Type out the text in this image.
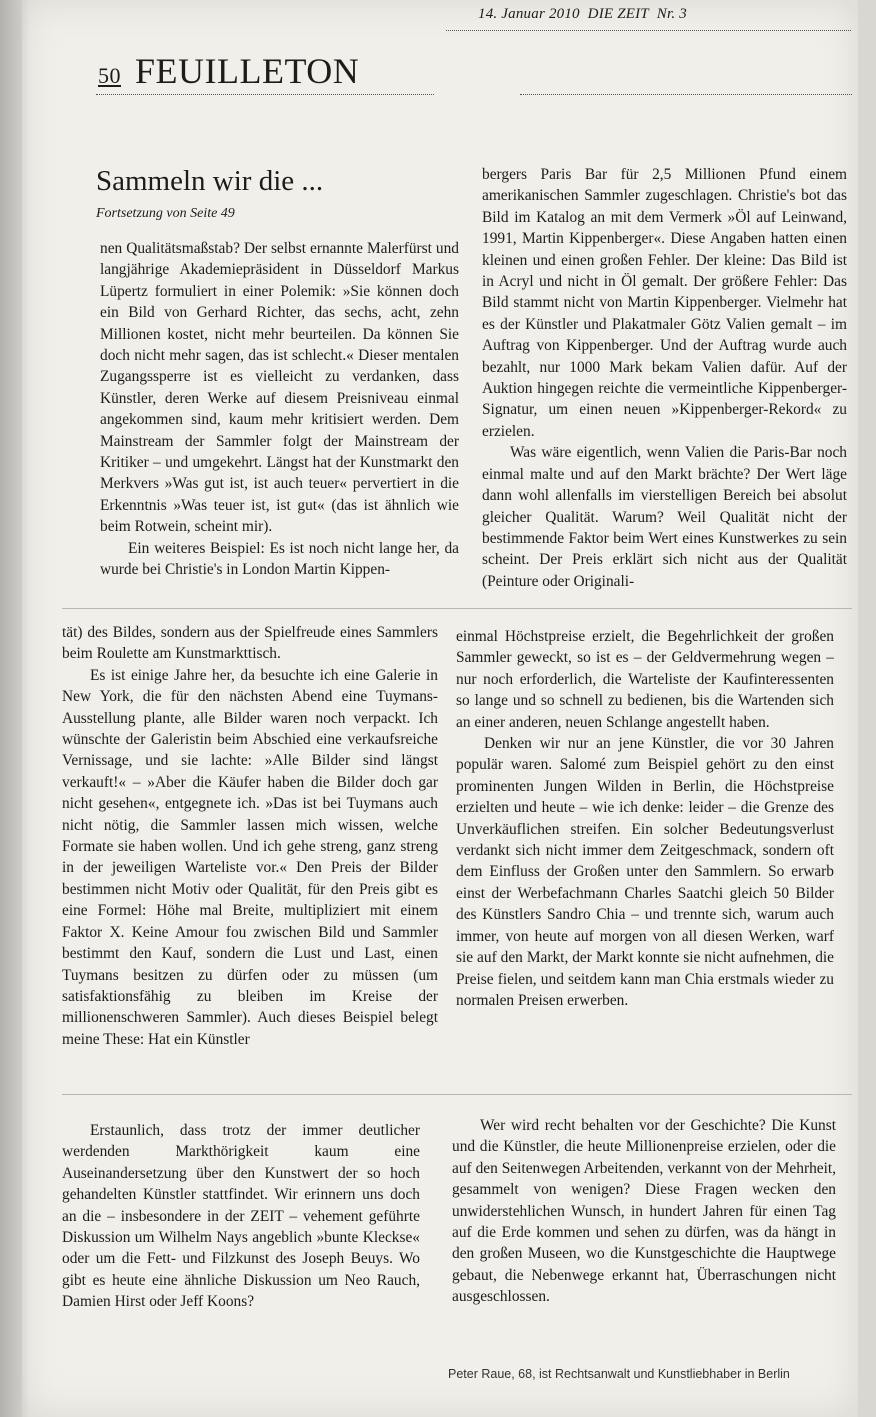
14. Januar 2010 DIE ZEIT Nr. 3
50 FEUILLETON
Sammeln wir die ...
Fortsetzung von Seite 49

nen Qualitätsmaßstab? Der selbst ernannte Malerfürst und langjährige Akademiepräsident in Düsseldorf Markus Lüpertz formuliert in einer Polemik: »Sie können doch ein Bild von Gerhard Richter, das sechs, acht, zehn Millionen kostet, nicht mehr beurteilen. Da können Sie doch nicht mehr sagen, das ist schlecht.« Dieser mentalen Zugangssperre ist es vielleicht zu verdanken, dass Künstler, deren Werke auf diesem Preisniveau einmal angekommen sind, kaum mehr kritisiert werden. Dem Mainstream der Sammler folgt der Mainstream der Kritiker – und umgekehrt. Längst hat der Kunstmarkt den Merkvers »Was gut ist, ist auch teuer« pervertiert in die Erkenntnis »Was teuer ist, ist gut« (das ist ähnlich wie beim Rotwein, scheint mir).

Ein weiteres Beispiel: Es ist noch nicht lange her, da wurde bei Christie's in London Martin Kippen-

bergers Paris Bar für 2,5 Millionen Pfund einem amerikanischen Sammler zugeschlagen. Christie's bot das Bild im Katalog an mit dem Vermerk »Öl auf Leinwand, 1991, Martin Kippenberger«. Diese Angaben hatten einen kleinen und einen großen Fehler. Der kleine: Das Bild ist in Acryl und nicht in Öl gemalt. Der größere Fehler: Das Bild stammt nicht von Martin Kippenberger. Vielmehr hat es der Künstler und Plakatmaler Götz Valien gemalt – im Auftrag von Kippenberger. Und der Auftrag wurde auch bezahlt, nur 1000 Mark bekam Valien dafür. Auf der Auktion hingegen reichte die vermeintliche Kippenberger-Signatur, um einen neuen »Kippenberger-Rekord« zu erzielen.

Was wäre eigentlich, wenn Valien die Paris-Bar noch einmal malte und auf den Markt brächte? Der Wert läge dann wohl allenfalls im vierstelligen Bereich bei absolut gleicher Qualität. Warum? Weil Qualität nicht der bestimmende Faktor beim Wert eines Kunstwerkes zu sein scheint. Der Preis erklärt sich nicht aus der Qualität (Peinture oder Originali-

tät) des Bildes, sondern aus der Spielfreude eines Sammlers beim Roulette am Kunstmarkttisch.

Es ist einige Jahre her, da besuchte ich eine Galerie in New York, die für den nächsten Abend eine Tuymans-Ausstellung plante, alle Bilder waren noch verpackt. Ich wünschte der Galeristin beim Abschied eine verkaufsreiche Vernissage, und sie lachte: »Alle Bilder sind längst verkauft!« – »Aber die Käufer haben die Bilder doch gar nicht gesehen«, entgegnete ich. »Das ist bei Tuymans auch nicht nötig, die Sammler lassen mich wissen, welche Formate sie haben wollen. Und ich gehe streng, ganz streng in der jeweiligen Warteliste vor.« Den Preis der Bilder bestimmen nicht Motiv oder Qualität, für den Preis gibt es eine Formel: Höhe mal Breite, multipliziert mit einem Faktor X. Keine Amour fou zwischen Bild und Sammler bestimmt den Kauf, sondern die Lust und Last, einen Tuymans besitzen zu dürfen oder zu müssen (um satisfaktionsfähig zu bleiben im Kreise der millionenschweren Sammler). Auch dieses Beispiel belegt meine These: Hat ein Künstler

einmal Höchstpreise erzielt, die Begehrlichkeit der großen Sammler geweckt, so ist es – der Geldvermehrung wegen – nur noch erforderlich, die Warteliste der Kaufinteressenten so lange und so schnell zu bedienen, bis die Wartenden sich an einer anderen, neuen Schlange angestellt haben.

Denken wir nur an jene Künstler, die vor 30 Jahren populär waren. Salomé zum Beispiel gehört zu den einst prominenten Jungen Wilden in Berlin, die Höchstpreise erzielten und heute – wie ich denke: leider – die Grenze des Unverkäuflichen streifen. Ein solcher Bedeutungsverlust verdankt sich nicht immer dem Zeitgeschmack, sondern oft dem Einfluss der Großen unter den Sammlern. So erwarb einst der Werbefachmann Charles Saatchi gleich 50 Bilder des Künstlers Sandro Chia – und trennte sich, warum auch immer, von heute auf morgen von all diesen Werken, warf sie auf den Markt, der Markt konnte sie nicht aufnehmen, die Preise fielen, und seitdem kann man Chia erstmals wieder zu normalen Preisen erwerben.

Erstaunlich, dass trotz der immer deutlicher werdenden Markthörigkeit kaum eine Auseinandersetzung über den Kunstwert der so hoch gehandelten Künstler stattfindet. Wir erinnern uns doch an die – insbesondere in der ZEIT – vehement geführte Diskussion um Wilhelm Nays angeblich »bunte Kleckse« oder um die Fett- und Filzkunst des Joseph Beuys. Wo gibt es heute eine ähnliche Diskussion um Neo Rauch, Damien Hirst oder Jeff Koons?

Wer wird recht behalten vor der Geschichte? Die Kunst und die Künstler, die heute Millionenpreise erzielen, oder die auf den Seitenwegen Arbeitenden, verkannt von der Mehrheit, gesammelt von wenigen? Diese Fragen wecken den unwiderstehlichen Wunsch, in hundert Jahren für einen Tag auf die Erde kommen und sehen zu dürfen, was da hängt in den großen Museen, wo die Kunstgeschichte die Hauptwege gebaut, die Nebenwege erkannt hat, Überraschungen nicht ausgeschlossen.

Peter Raue, 68, ist Rechtsanwalt und Kunstliebhaber in Berlin
